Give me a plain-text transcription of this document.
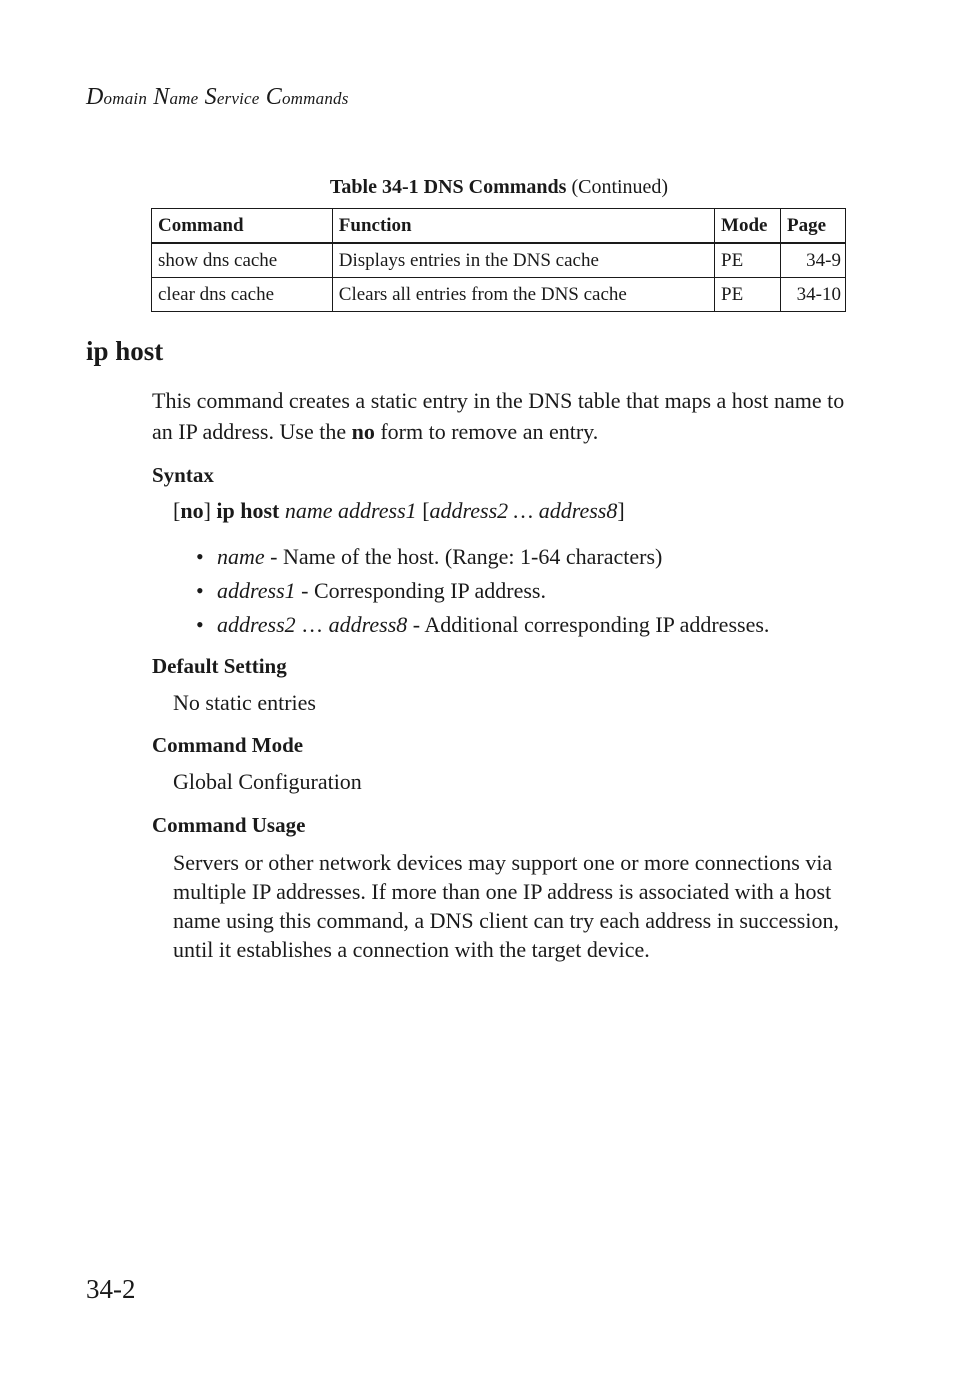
Domain Name Service Commands
Table 34-1 DNS Commands (Continued)
Command	Function	Mode	Page
show dns cache	Displays entries in the DNS cache	PE	34-9
clear dns cache	Clears all entries from the DNS cache	PE	34-10
ip host
This command creates a static entry in the DNS table that maps a host name to an IP address. Use the no form to remove an entry.
Syntax
[no] ip host name address1 [address2 … address8]
• name - Name of the host. (Range: 1-64 characters)
• address1 - Corresponding IP address.
• address2 … address8 - Additional corresponding IP addresses.
Default Setting
No static entries
Command Mode
Global Configuration
Command Usage
Servers or other network devices may support one or more connections via multiple IP addresses. If more than one IP address is associated with a host name using this command, a DNS client can try each address in succession, until it establishes a connection with the target device.
34-2
